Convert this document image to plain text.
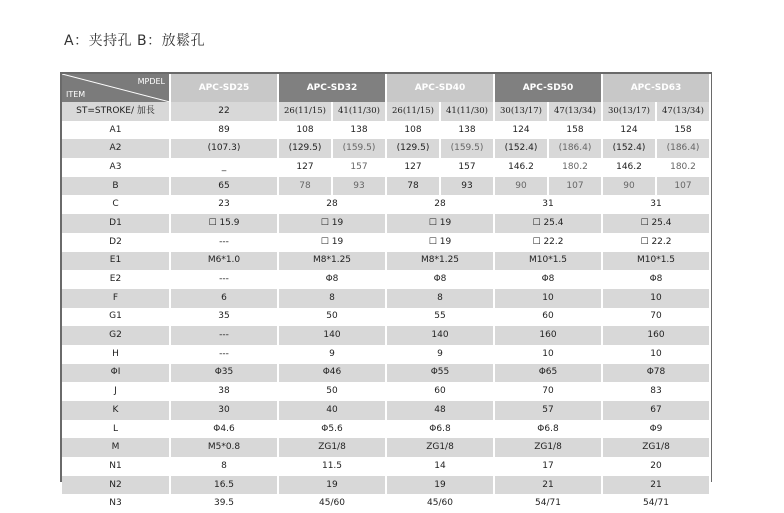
A：夹持孔 B：放鬆孔
MPDEL
ITEM	APC-SD25	APC-SD32		APC-SD40		APC-SD50		APC-SD63	
ST=STROKE/ 加長	22	26(11/15)	41(11/30)	26(11/15)	41(11/30)	30(13/17)	47(13/34)	30(13/17)	47(13/34)
A1	89	108	138	108	138	124	158	124	158
A2	(107.3)	(129.5)	(159.5)	(129.5)	(159.5)	(152.4)	(186.4)	(152.4)	(186.4)
A3	_	127	157	127	157	146.2	180.2	146.2	180.2
B	65	78	93	78	93	90	107	90	107
C	23	28		28		31		31	
D1	☐ 15.9	☐ 19		☐ 19		☐ 25.4		☐ 25.4	
D2	---	☐ 19		☐ 19		☐ 22.2		☐ 22.2	
E1	M6*1.0	M8*1.25		M8*1.25		M10*1.5		M10*1.5	
E2	---	Φ8		Φ8		Φ8		Φ8	
F	6	8		8		10		10	
G1	35	50		55		60		70	
G2	---	140		140		160		160	
H	---	9		9		10		10	
ΦI	Φ35	Φ46		Φ55		Φ65		Φ78	
J	38	50		60		70		83	
K	30	40		48		57		67	
L	Φ4.6	Φ5.6		Φ6.8		Φ6.8		Φ9	
M	M5*0.8	ZG1/8		ZG1/8		ZG1/8		ZG1/8	
N1	8	11.5		14		17		20	
N2	16.5	19		19		21		21	
N3	39.5	45/60		45/60		54/71		54/71	
